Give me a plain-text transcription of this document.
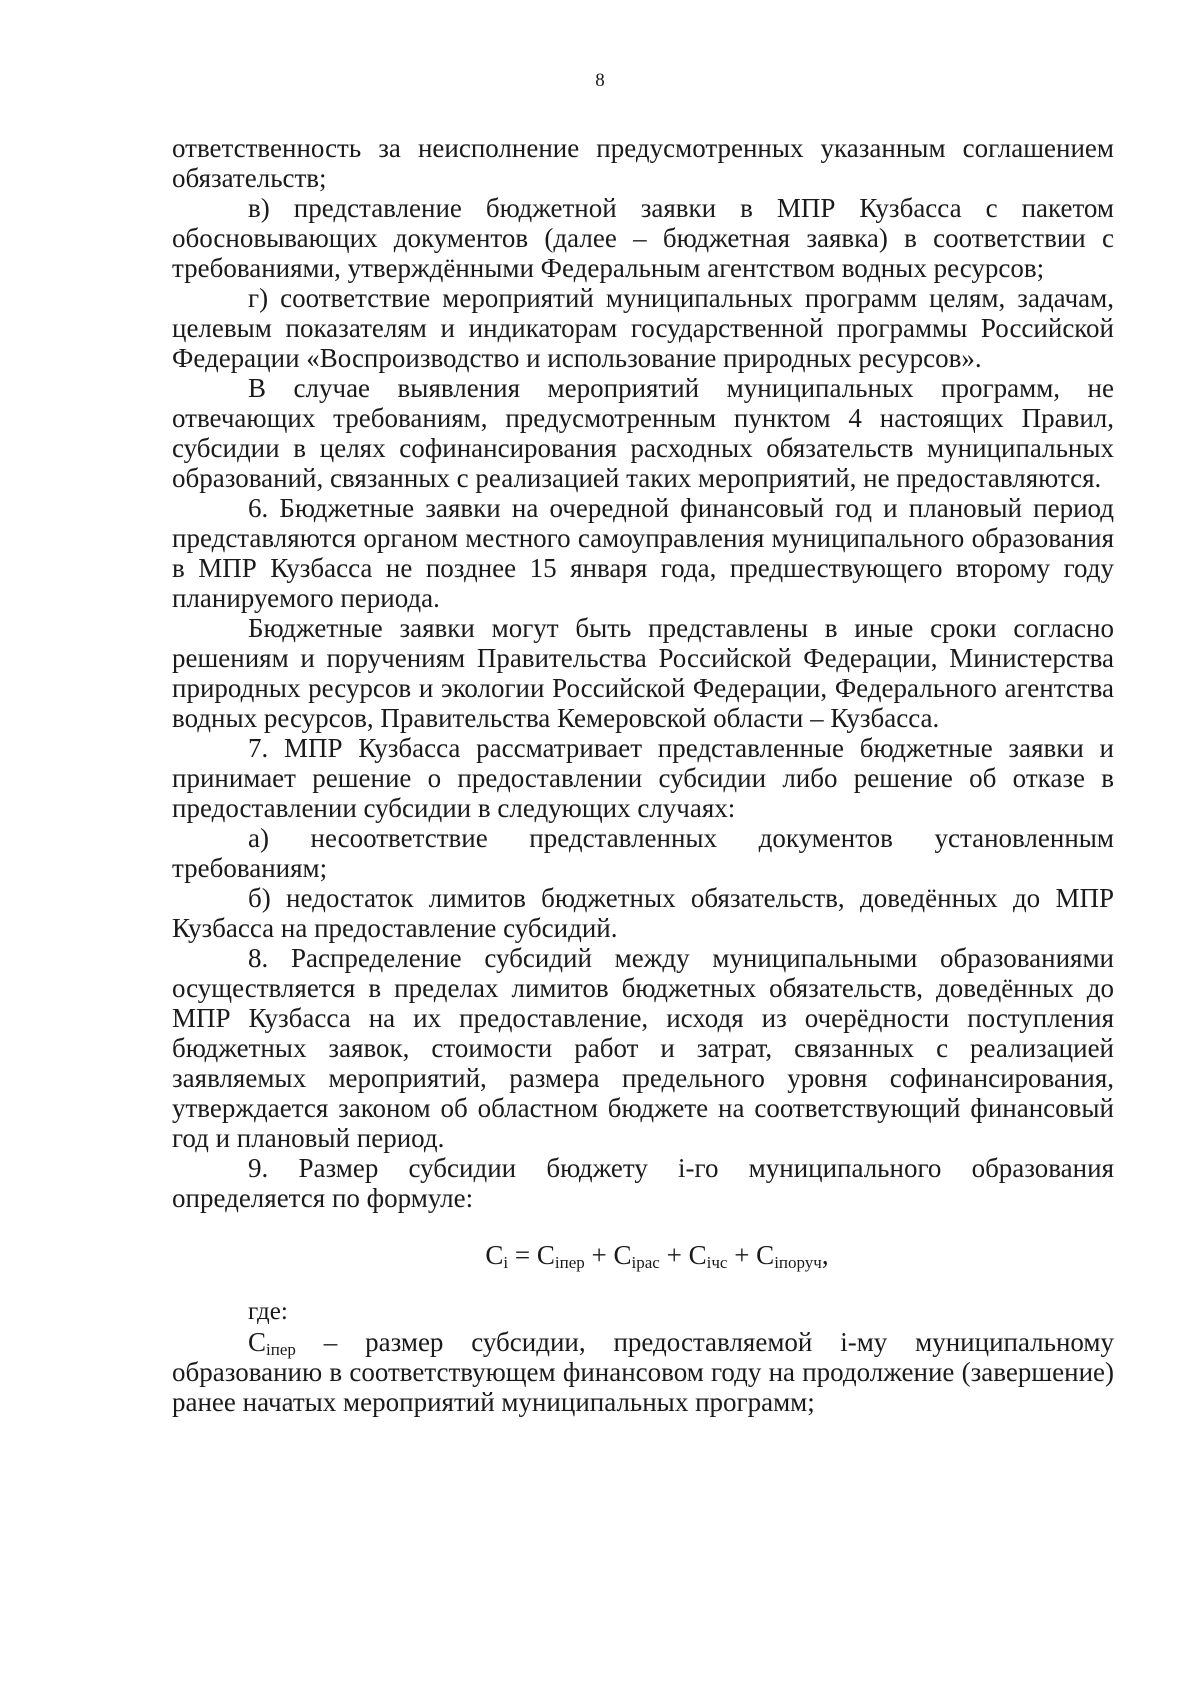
8

ответственность за неисполнение предусмотренных указанным соглашением обязательств;

в) представление бюджетной заявки в МПР Кузбасса с пакетом обосновывающих документов (далее – бюджетная заявка) в соответствии с требованиями, утверждёнными Федеральным агентством водных ресурсов;

г) соответствие мероприятий муниципальных программ целям, задачам, целевым показателям и индикаторам государственной программы Российской Федерации «Воспроизводство и использование природных ресурсов».

В случае выявления мероприятий муниципальных программ, не отвечающих требованиям, предусмотренным пунктом 4 настоящих Правил, субсидии в целях софинансирования расходных обязательств муниципальных образований, связанных с реализацией таких мероприятий, не предоставляются.

6. Бюджетные заявки на очередной финансовый год и плановый период представляются органом местного самоуправления муниципального образования в МПР Кузбасса не позднее 15 января года, предшествующего второму году планируемого периода.

Бюджетные заявки могут быть представлены в иные сроки согласно решениям и поручениям Правительства Российской Федерации, Министерства природных ресурсов и экологии Российской Федерации, Федерального агентства водных ресурсов, Правительства Кемеровской области – Кузбасса.

7. МПР Кузбасса рассматривает представленные бюджетные заявки и принимает решение о предоставлении субсидии либо решение об отказе в предоставлении субсидии в следующих случаях:

а) несоответствие представленных документов установленным требованиям;

б) недостаток лимитов бюджетных обязательств, доведённых до МПР Кузбасса на предоставление субсидий.

8. Распределение субсидий между муниципальными образованиями осуществляется в пределах лимитов бюджетных обязательств, доведённых до МПР Кузбасса на их предоставление, исходя из очерёдности поступления бюджетных заявок, стоимости работ и затрат, связанных с реализацией заявляемых мероприятий, размера предельного уровня софинансирования, утверждается законом об областном бюджете на соответствующий финансовый год и плановый период.

9. Размер субсидии бюджету i-го муниципального образования определяется по формуле:

$C_i = C_{iпер} + C_{iрас} + C_{iчс} + C_{iпоруч}$,

где:

$C_{iпер}$ – размер субсидии, предоставляемой i-му муниципальному образованию в соответствующем финансовом году на продолжение (завершение) ранее начатых мероприятий муниципальных программ;
